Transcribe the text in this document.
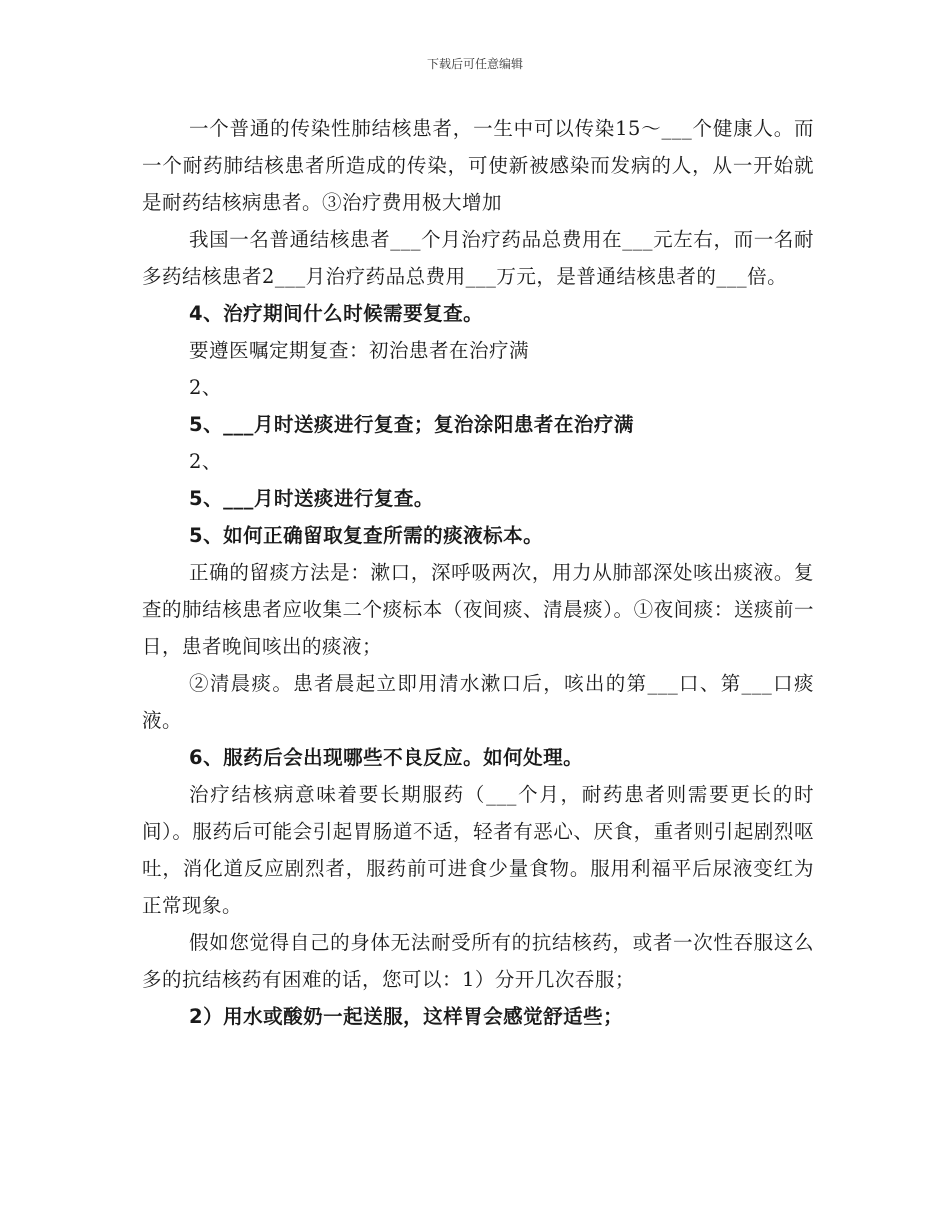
下载后可任意编辑

一个普通的传染性肺结核患者，一生中可以传染15～___个健康人。而一个耐药肺结核患者所造成的传染，可使新被感染而发病的人，从一开始就是耐药结核病患者。③治疗费用极大增加

我国一名普通结核患者___个月治疗药品总费用在___元左右，而一名耐多药结核患者2___月治疗药品总费用___万元，是普通结核患者的___倍。

4、治疗期间什么时候需要复查。

要遵医嘱定期复查：初治患者在治疗满

2、

5、___月时送痰进行复查；复治涂阳患者在治疗满

2、

5、___月时送痰进行复查。

5、如何正确留取复查所需的痰液标本。

正确的留痰方法是：漱口，深呼吸两次，用力从肺部深处咳出痰液。复查的肺结核患者应收集二个痰标本（夜间痰、清晨痰）。①夜间痰：送痰前一日，患者晚间咳出的痰液；

②清晨痰。患者晨起立即用清水漱口后，咳出的第___口、第___口痰液。

6、服药后会出现哪些不良反应。如何处理。

治疗结核病意味着要长期服药（___个月，耐药患者则需要更长的时间）。服药后可能会引起胃肠道不适，轻者有恶心、厌食，重者则引起剧烈呕吐，消化道反应剧烈者，服药前可进食少量食物。服用利福平后尿液变红为正常现象。

假如您觉得自己的身体无法耐受所有的抗结核药，或者一次性吞服这么多的抗结核药有困难的话，您可以：1）分开几次吞服；

2）用水或酸奶一起送服，这样胃会感觉舒适些；
